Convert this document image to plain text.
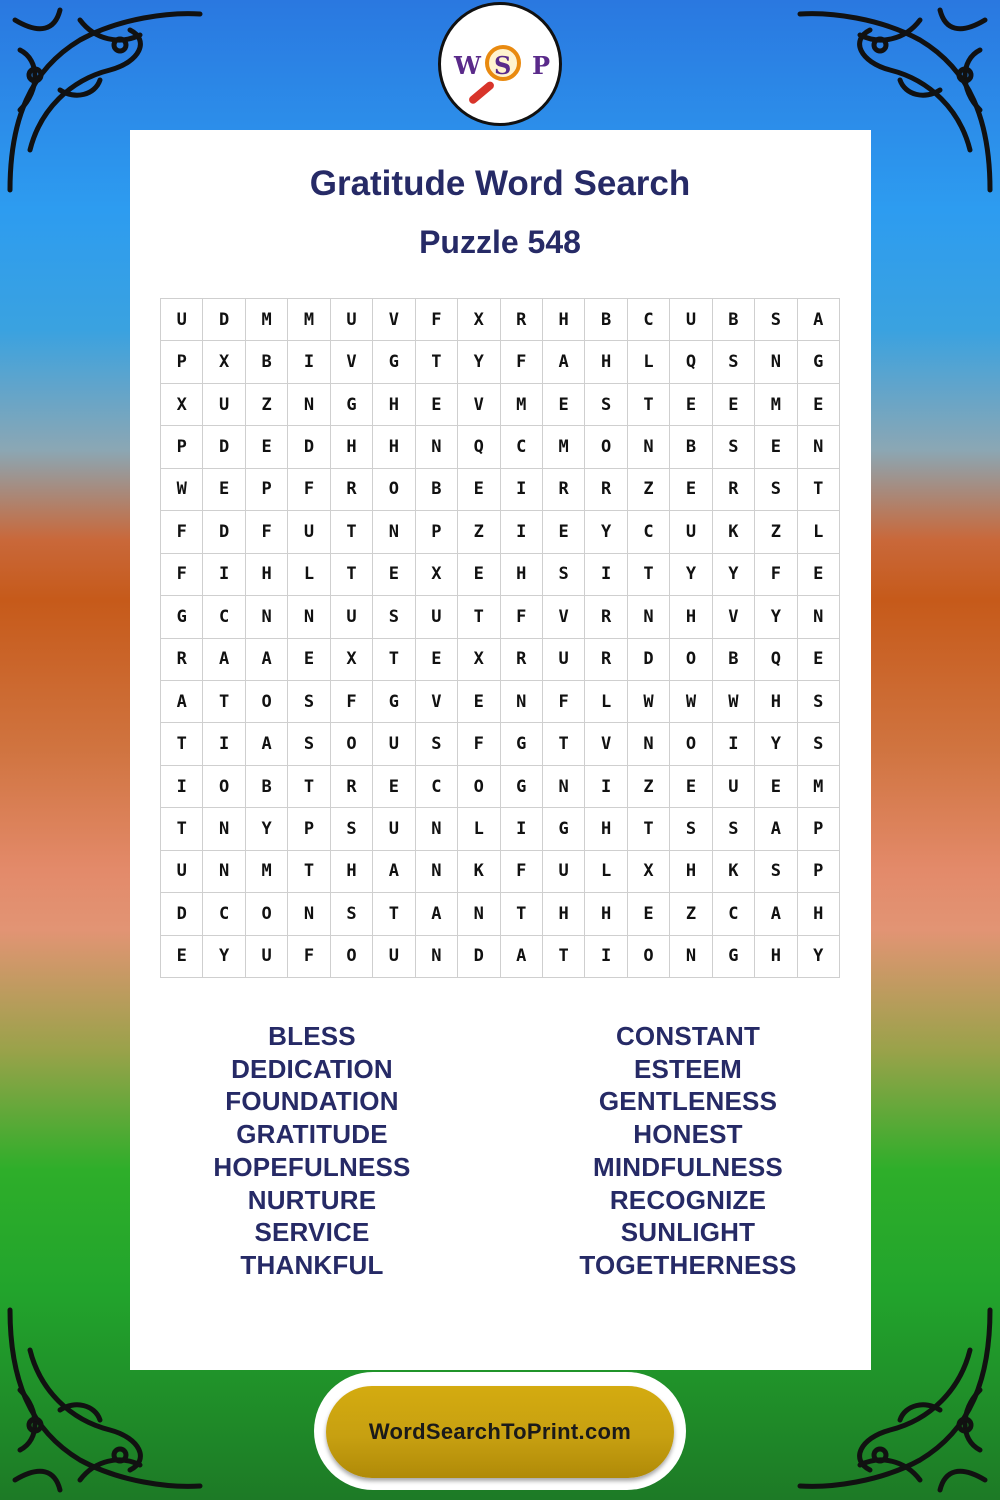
W S P
Gratitude Word Search
Puzzle 548
U	D	M	M	U	V	F	X	R	H	B	C	U	B	S	A
P	X	B	I	V	G	T	Y	F	A	H	L	Q	S	N	G
X	U	Z	N	G	H	E	V	M	E	S	T	E	E	M	E
P	D	E	D	H	H	N	Q	C	M	O	N	B	S	E	N
W	E	P	F	R	O	B	E	I	R	R	Z	E	R	S	T
F	D	F	U	T	N	P	Z	I	E	Y	C	U	K	Z	L
F	I	H	L	T	E	X	E	H	S	I	T	Y	Y	F	E
G	C	N	N	U	S	U	T	F	V	R	N	H	V	Y	N
R	A	A	E	X	T	E	X	R	U	R	D	O	B	Q	E
A	T	O	S	F	G	V	E	N	F	L	W	W	W	H	S
T	I	A	S	O	U	S	F	G	T	V	N	O	I	Y	S
I	O	B	T	R	E	C	O	G	N	I	Z	E	U	E	M
T	N	Y	P	S	U	N	L	I	G	H	T	S	S	A	P
U	N	M	T	H	A	N	K	F	U	L	X	H	K	S	P
D	C	O	N	S	T	A	N	T	H	H	E	Z	C	A	H
E	Y	U	F	O	U	N	D	A	T	I	O	N	G	H	Y
BLESS
DEDICATION
FOUNDATION
GRATITUDE
HOPEFULNESS
NURTURE
SERVICE
THANKFUL
CONSTANT
ESTEEM
GENTLENESS
HONEST
MINDFULNESS
RECOGNIZE
SUNLIGHT
TOGETHERNESS
WordSearchToPrint.com
